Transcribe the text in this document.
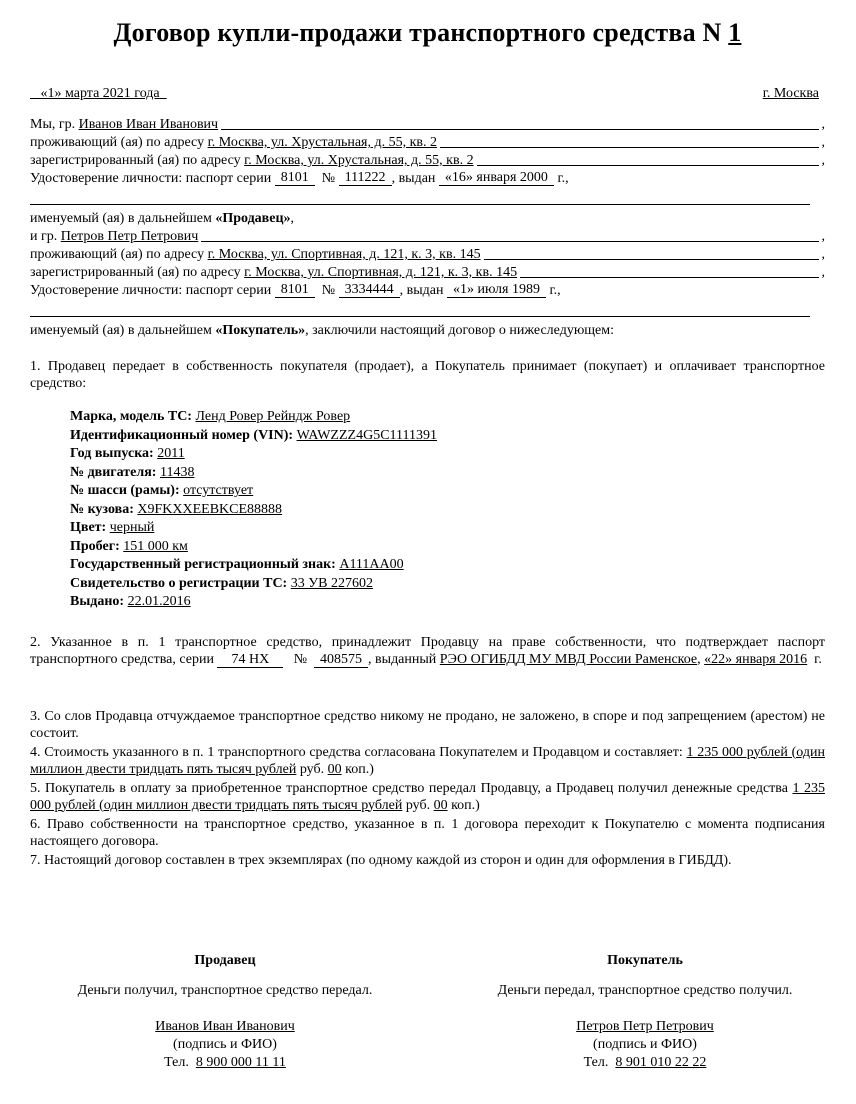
Договор купли-продажи транспортного средства N 1
«1» марта 2021 года	г. Москва
Мы, гр.
Иванов Иван Иванович	,
проживающий (ая) по адресу
г. Москва, ул. Хрустальная, д. 55, кв. 2	,
зарегистрированный (ая) по адресу
г. Москва, ул. Хрустальная, д. 55, кв. 2	,
Удостоверение личности: паспорт серии
8101
№
111222 , выдан
«16» января 2000
г.,
именуемый (ая) в дальнейшем
«Продавец» ,
и гр.
Петров Петр Петрович	,
проживающий (ая) по адресу
г. Москва, ул. Спортивная, д. 121, к. 3, кв. 145	,
зарегистрированный (ая) по адресу
г. Москва, ул. Спортивная, д. 121, к. 3, кв. 145	,
Удостоверение личности: паспорт серии
8101
№
3334444 , выдан
«1» июля 1989
г.,
именуемый (ая) в дальнейшем
«Покупатель» , заключили настоящий договор о нижеследующем:

1. Продавец передает в собственность покупателя (продает), а Покупатель принимает (покупает) и оплачивает транспортное средство:

Марка, модель ТС: Ленд Ровер Рейндж Ровер
Идентификационный номер (VIN): WAWZZZ4G5C1111391
Год выпуска: 2011
№ двигателя: 11438
№ шасси (рамы): отсутствует
№ кузова: X9FKXXEEBKCE88888
Цвет: черный
Пробег: 151 000 км
Государственный регистрационный знак: А111АА00
Свидетельство о регистрации ТС: 33 УВ 227602
Выдано: 22.01.2016

2. Указанное в п. 1 транспортное средство, принадлежит Продавцу на праве собственности, что подтверждает паспорт транспортного средства, серии 74 НХ № 408575 , выданный РЭО ОГИБДД МУ МВД России Раменское, «22» января 2016 г.

3. Со слов Продавца отчуждаемое транспортное средство никому не продано, не заложено, в споре и под запрещением (арестом) не состоит.

4. Стоимость указанного в п. 1 транспортного средства согласована Покупателем и Продавцом и составляет: 1 235 000 рублей (один миллион двести тридцать пять тысяч рублей руб. 00 коп.)

5. Покупатель в оплату за приобретенное транспортное средство передал Продавцу, а Продавец получил денежные средства 1 235 000 рублей (один миллион двести тридцать пять тысяч рублей руб. 00 коп.)

6. Право собственности на транспортное средство, указанное в п. 1 договора переходит к Покупателю с момента подписания настоящего договора.

7. Настоящий договор составлен в трех экземплярах (по одному каждой из сторон и один для оформления в ГИБДД).

Продавец
Деньги получил, транспортное средство передал.
Иванов Иван Иванович
(подпись и ФИО)
Тел. 8 900 000 11 11
Покупатель
Деньги передал, транспортное средство получил.
Петров Петр Петрович
(подпись и ФИО)
Тел. 8 901 010 22 22
